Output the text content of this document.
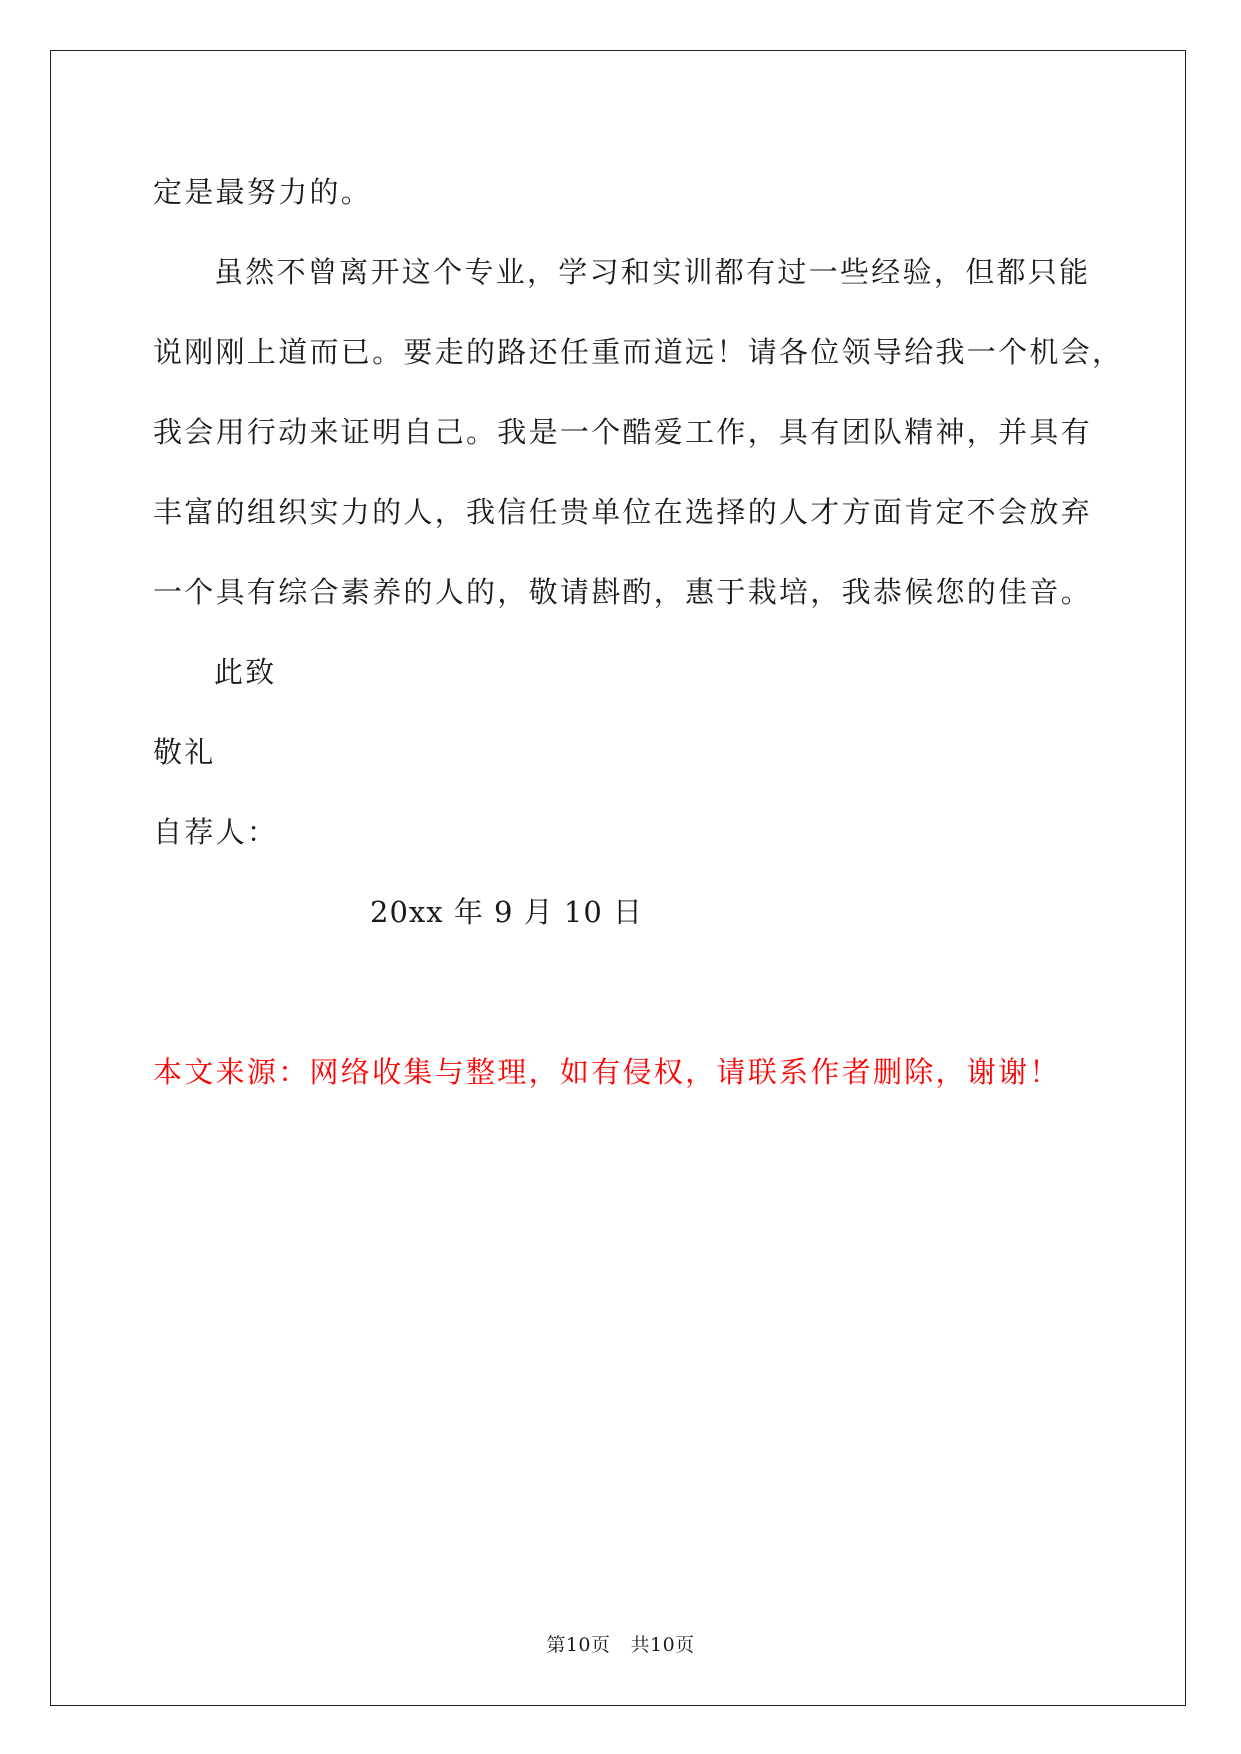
定是最努力的。

虽然不曾离开这个专业，学习和实训都有过一些经验，但都只能

说刚刚上道而已。要走的路还任重而道远！请各位领导给我一个机会，

我会用行动来证明自己。我是一个酷爱工作，具有团队精神，并具有

丰富的组织实力的人，我信任贵单位在选择的人才方面肯定不会放弃

一个具有综合素养的人的，敬请斟酌，惠于栽培，我恭候您的佳音。

此致

敬礼

自荐人：

20xx 年 9 月 10 日

本文来源：网络收集与整理，如有侵权，请联系作者删除，谢谢！

第10页 共10页
